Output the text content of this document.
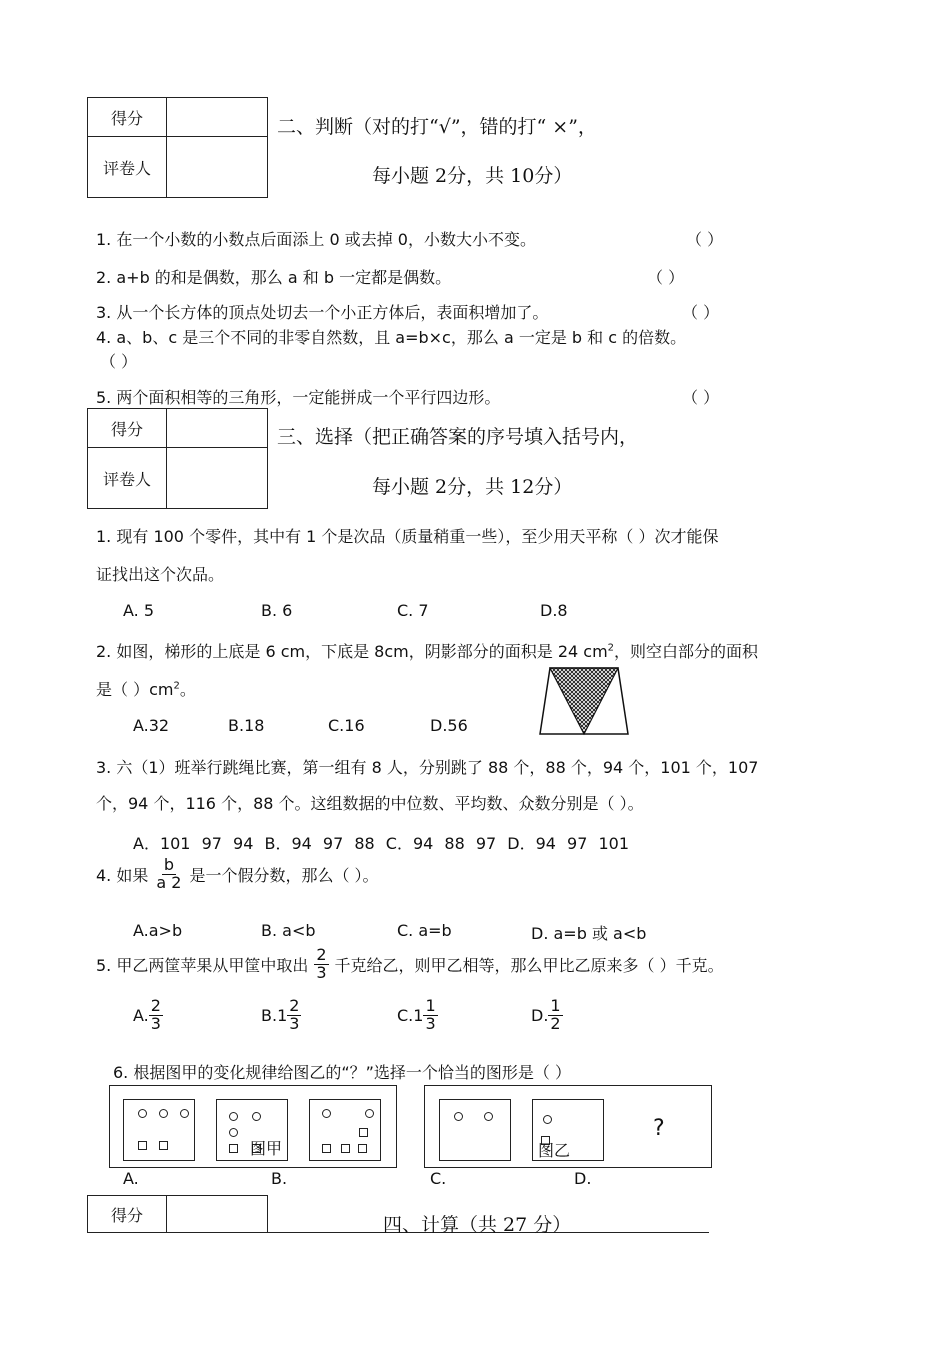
得分	
评卷人	
二、判断（对的打“√”，错的打“ ×”，
每小题 2分，共 10分）
1. 在一个小数的小数点后面添上 0 或去掉 0，小数大小不变。	（ ）
2. a+b 的和是偶数，那么 a 和 b 一定都是偶数。	（ ）
3. 从一个长方体的顶点处切去一个小正方体后，表面积增加了。	（ ）
4. a、b、c 是三个不同的非零自然数，且 a=b×c，那么 a 一定是 b 和 c 的倍数。
（ ）
5. 两个面积相等的三角形，一定能拼成一个平行四边形。	（ ）
得分	
评卷人	
三、选择（把正确答案的序号填入括号内，
每小题 2分，共 12分）
1. 现有 100 个零件，其中有 1 个是次品（质量稍重一些），至少用天平称（ ）次才能保
证找出这个次品。
A. 5	B. 6	C. 7	D.8
2. 如图，梯形的上底是 6 cm，下底是 8cm，阴影部分的面积是 24 $cm^2$，则空白部分的面积
是（ ）$cm^2$。
A.32	B.18	C.16	D.56
3. 六（1）班举行跳绳比赛，第一组有 8 人，分别跳了 88 个，88 个，94 个，101 个，107
个，94 个，116 个，88 个。这组数据的中位数、平均数、众数分别是（ ）。
A．101 97 94 B．94 97 88 C．94 88 97 D．94 97 101
4. 如果 $\frac{b}{a 2}$ 是一个假分数，那么（ ）。
A.a>b	B. a<b	C. a=b	D. a=b 或 a<b
5. 甲乙两筐苹果从甲筐中取出 $\frac{2}{3}$ 千克给乙，则甲乙相等，那么甲比乙原来多（ ）千克。
A. $\frac{2}{3}$	B. $1 \frac{2}{3}$	C. $1 \frac{1}{3}$	D. $\frac{1}{2}$
6. 根据图甲的变化规律给图乙的“？”选择一个恰当的图形是（ ）
图甲	图乙
?
A.	B.	C.	D.
得分		四、计算（共 27 分）
